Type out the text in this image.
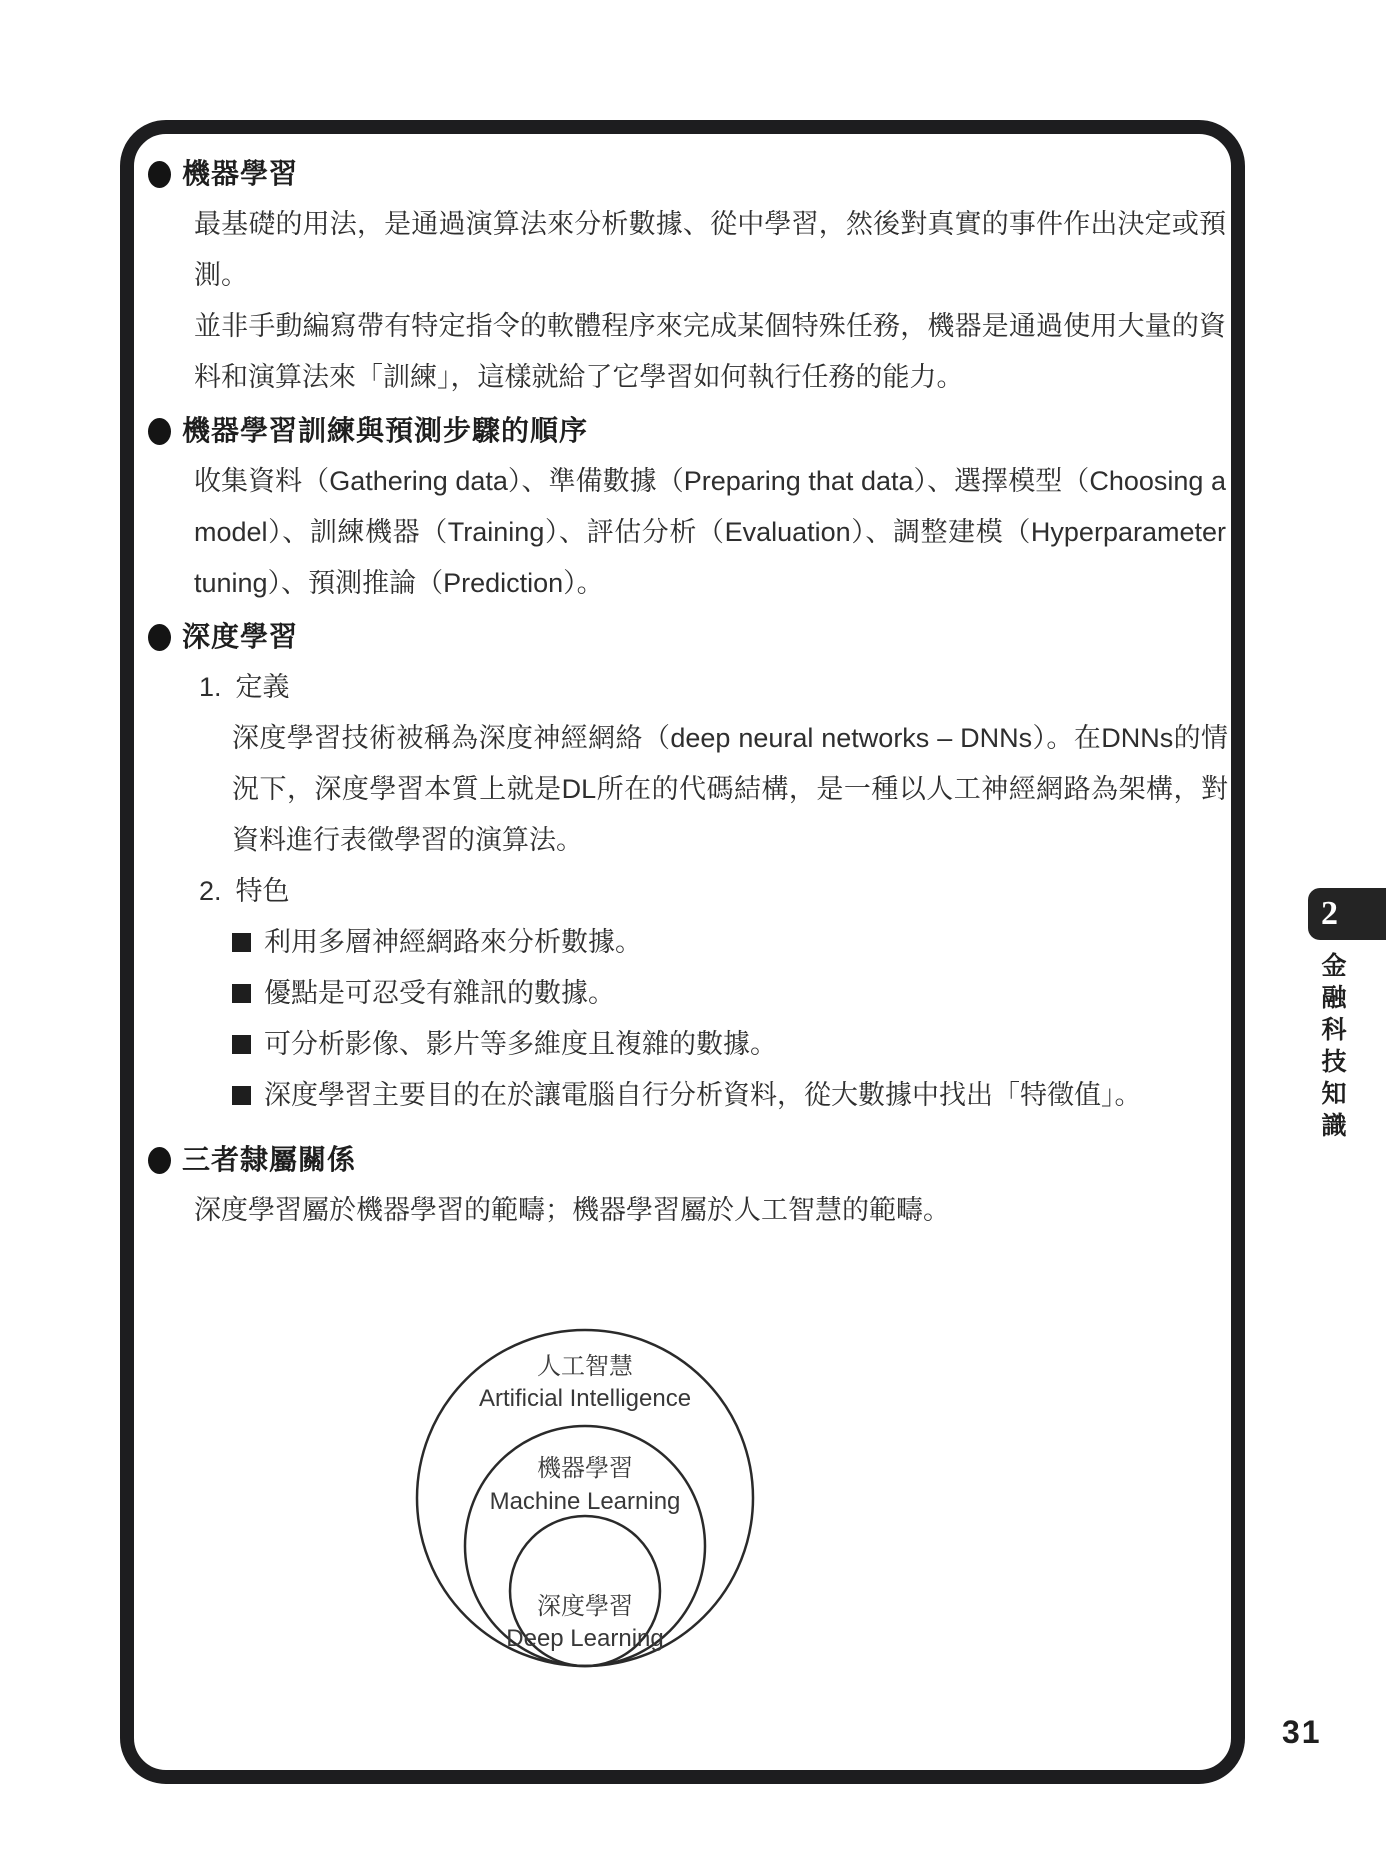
機器學習
最基礎的用法，是通過演算法來分析數據、從中學習，然後對真實的事件作出決定或預測。
並非手動編寫帶有特定指令的軟體程序來完成某個特殊任務，機器是通過使用大量的資料和演算法來「訓練」，這樣就給了它學習如何執行任務的能力。
機器學習訓練與預測步驟的順序
收集資料（Gathering data）、準備數據（Preparing that data）、選擇模型（Choosing a model）、訓練機器（Training）、評估分析（Evaluation）、調整建模（Hyperparameter tuning）、預測推論（Prediction）。
深度學習
1. 定義
深度學習技術被稱為深度神經網絡（deep neural networks – DNNs）。在DNNs的情況下，深度學習本質上就是DL所在的代碼結構，是一種以人工神經網路為架構，對資料進行表徵學習的演算法。
2. 特色
利用多層神經網路來分析數據。
優點是可忍受有雜訊的數據。
可分析影像、影片等多維度且複雜的數據。
深度學習主要目的在於讓電腦自行分析資料，從大數據中找出「特徵值」。
三者隸屬關係
深度學習屬於機器學習的範疇；機器學習屬於人工智慧的範疇。
人工智慧
Artificial Intelligence
機器學習
Machine Learning
深度學習
Deep Learning
2
金融科技知識
31
